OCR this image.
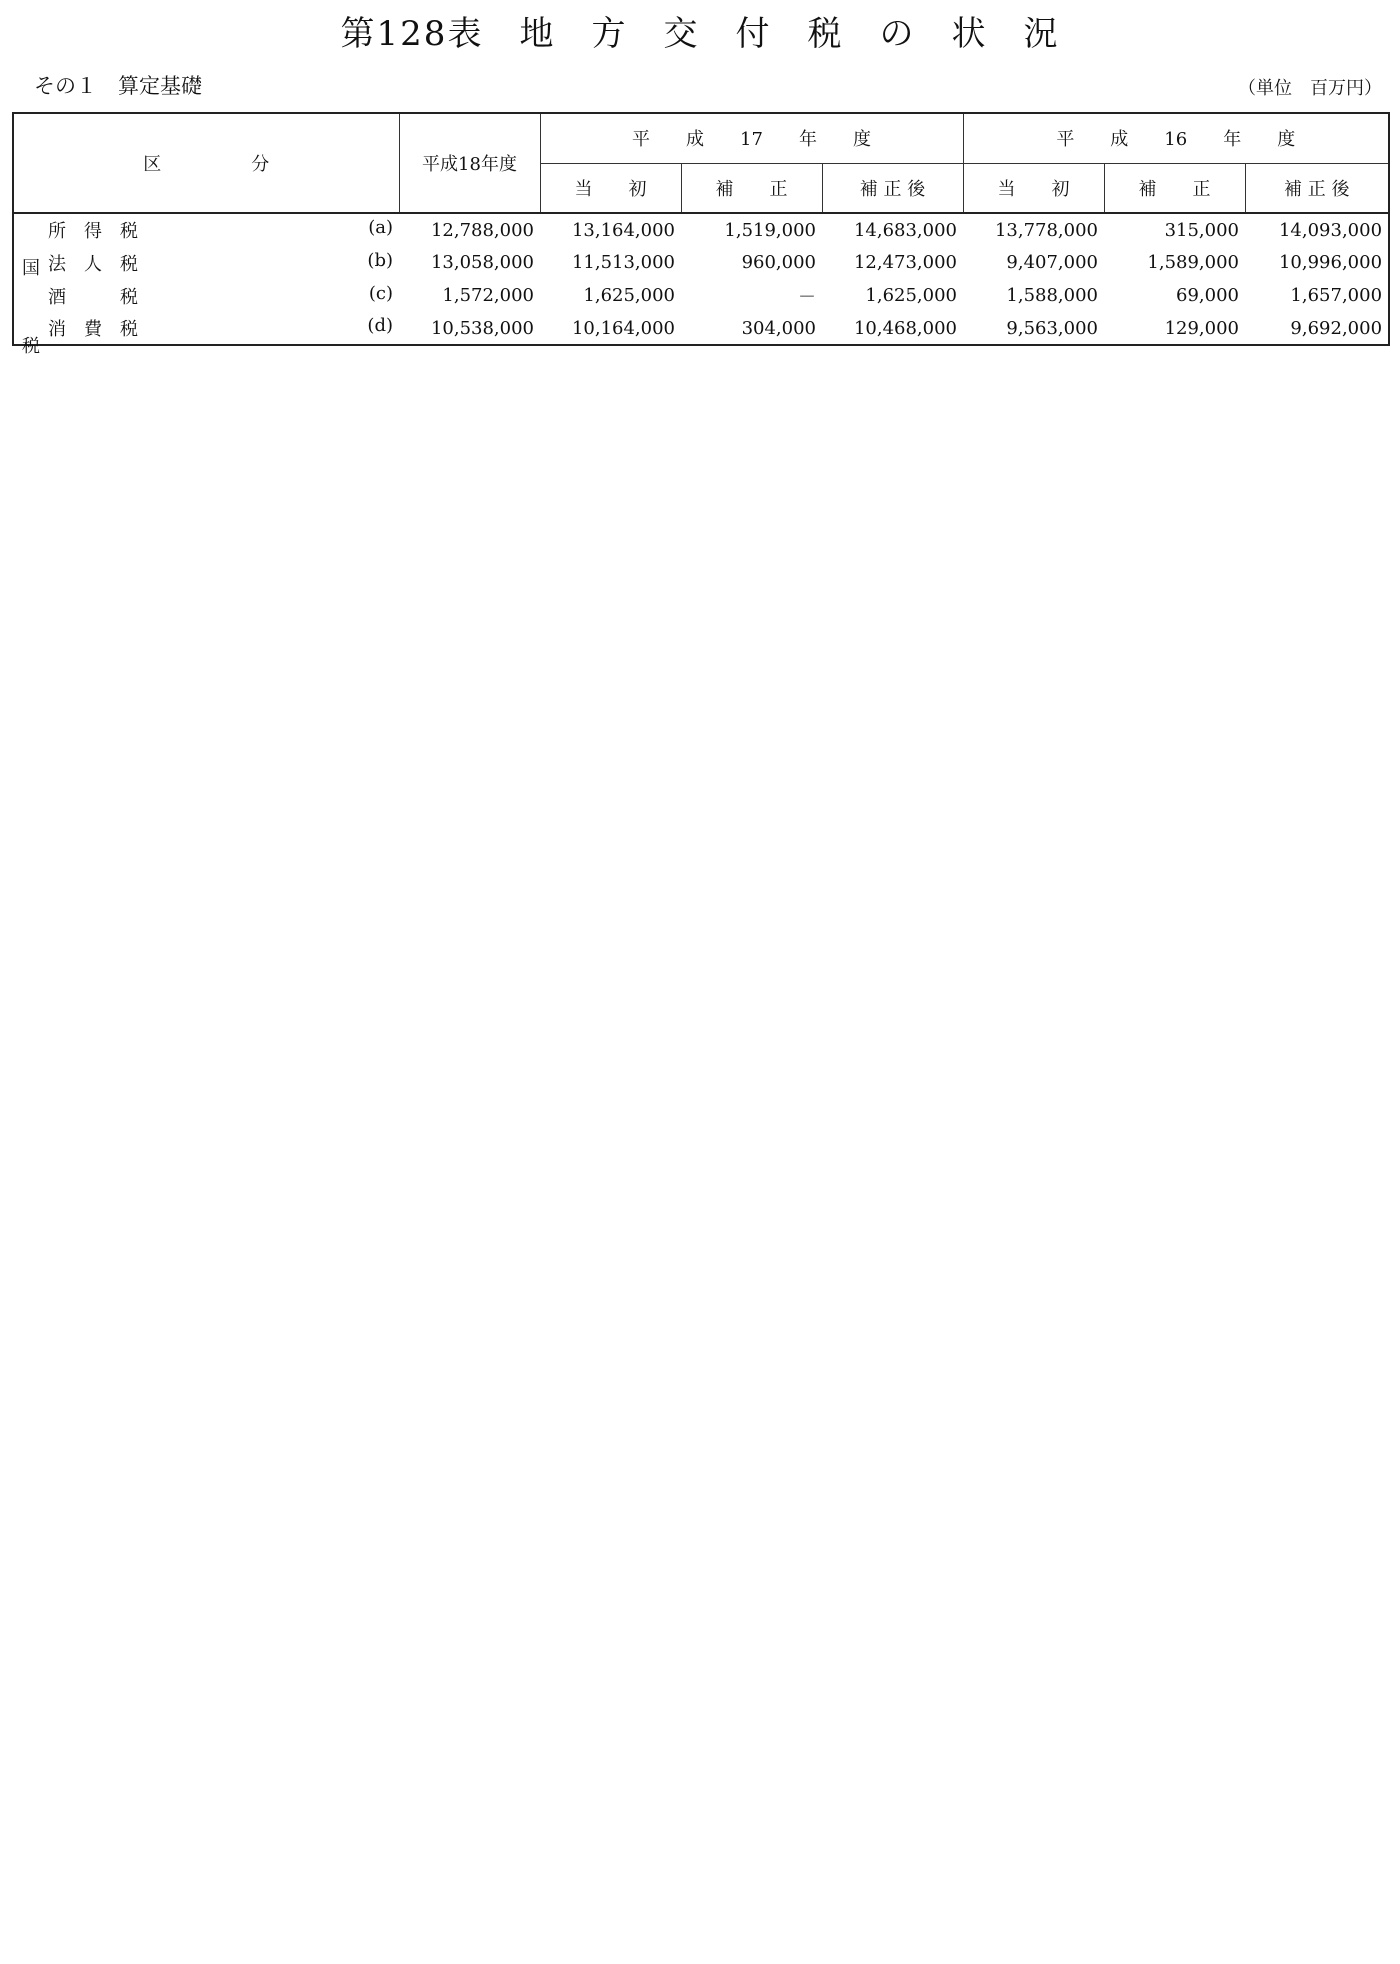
第128表　地　方　交　付　税　の　状　況
その１　算定基礎	（単位　百万円）
区　　　　　分	平成18年度	平　　成　　17　　年　　度			平　　成　　16　　年　　度		
		当　　初	補　　正	補 正 後	当　　初	補　　正	補 正 後
所　得　税 (a)	12,788,000	13,164,000	1,519,000	14,683,000	13,778,000	315,000	14,093,000
法　人　税 (b)	13,058,000	11,513,000	960,000	12,473,000	9,407,000	1,589,000	10,996,000
酒　　　税 (c)	1,572,000	1,625,000	－	1,625,000	1,588,000	69,000	1,657,000
消　費　税 (d)	10,538,000	10,164,000	304,000	10,468,000	9,563,000	129,000	9,692,000
国
税
